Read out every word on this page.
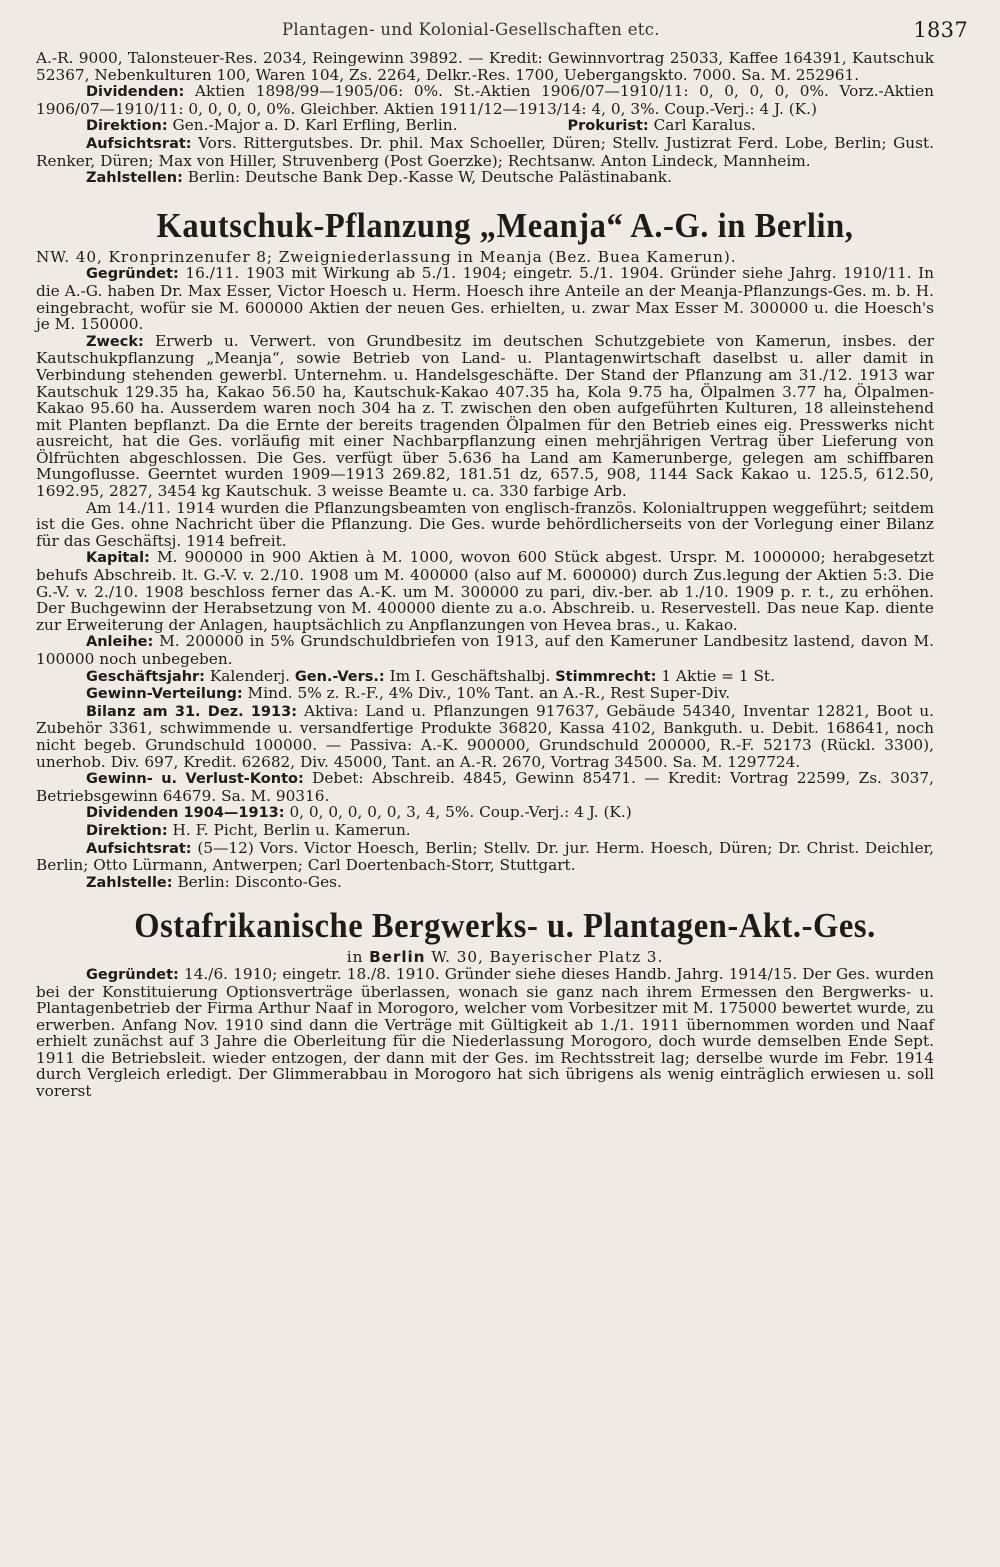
Plantagen- und Kolonial-Gesellschaften etc.	1837

A.-R. 9000, Talonsteuer-Res. 2034, Reingewinn 39892. — Kredit: Gewinnvortrag 25033, Kaffee 164391, Kautschuk 52367, Nebenkulturen 100, Waren 104, Zs. 2264, Delkr.-Res. 1700, Uebergangskto. 7000. Sa. M. 252961.

Dividenden: Aktien 1898/99—1905/06: 0%. St.-Aktien 1906/07—1910/11: 0, 0, 0, 0, 0%. Vorz.-Aktien 1906/07—1910/11: 0, 0, 0, 0, 0%. Gleichber. Aktien 1911/12—1913/14: 4, 0, 3%. Coup.-Verj.: 4 J. (K.)

Direktion: Gen.-Major a. D. Karl Erfling, Berlin.	Prokurist: Carl Karalus.

Aufsichtsrat: Vors. Rittergutsbes. Dr. phil. Max Schoeller, Düren; Stellv. Justizrat Ferd. Lobe, Berlin; Gust. Renker, Düren; Max von Hiller, Struvenberg (Post Goerzke); Rechtsanw. Anton Lindeck, Mannheim.

Zahlstellen: Berlin: Deutsche Bank Dep.-Kasse W, Deutsche Palästinabank.

Kautschuk-Pflanzung „Meanja“ A.-G. in Berlin,

NW. 40, Kronprinzenufer 8; Zweigniederlassung in Meanja (Bez. Buea Kamerun).

Gegründet: 16./11. 1903 mit Wirkung ab 5./1. 1904; eingetr. 5./1. 1904. Gründer siehe Jahrg. 1910/11. In die A.-G. haben Dr. Max Esser, Victor Hoesch u. Herm. Hoesch ihre Anteile an der Meanja-Pflanzungs-Ges. m. b. H. eingebracht, wofür sie M. 600000 Aktien der neuen Ges. erhielten, u. zwar Max Esser M. 300000 u. die Hoesch's je M. 150000.

Zweck: Erwerb u. Verwert. von Grundbesitz im deutschen Schutzgebiete von Kamerun, insbes. der Kautschukpflanzung „Meanja“, sowie Betrieb von Land- u. Plantagenwirtschaft daselbst u. aller damit in Verbindung stehenden gewerbl. Unternehm. u. Handelsgeschäfte. Der Stand der Pflanzung am 31./12. 1913 war Kautschuk 129.35 ha, Kakao 56.50 ha, Kautschuk-Kakao 407.35 ha, Kola 9.75 ha, Ölpalmen 3.77 ha, Ölpalmen-Kakao 95.60 ha. Ausserdem waren noch 304 ha z. T. zwischen den oben aufgeführten Kulturen, 18 alleinstehend mit Planten bepflanzt. Da die Ernte der bereits tragenden Ölpalmen für den Betrieb eines eig. Presswerks nicht ausreicht, hat die Ges. vorläufig mit einer Nachbarpflanzung einen mehrjährigen Vertrag über Lieferung von Ölfrüchten abgeschlossen. Die Ges. verfügt über 5.636 ha Land am Kamerunberge, gelegen am schiffbaren Mungoflusse. Geerntet wurden 1909—1913 269.82, 181.51 dz, 657.5, 908, 1144 Sack Kakao u. 125.5, 612.50, 1692.95, 2827, 3454 kg Kautschuk. 3 weisse Beamte u. ca. 330 farbige Arb.

Am 14./11. 1914 wurden die Pflanzungsbeamten von englisch-französ. Kolonialtruppen weggeführt; seitdem ist die Ges. ohne Nachricht über die Pflanzung. Die Ges. wurde behördlicherseits von der Vorlegung einer Bilanz für das Geschäftsj. 1914 befreit.

Kapital: M. 900000 in 900 Aktien à M. 1000, wovon 600 Stück abgest. Urspr. M. 1000000; herabgesetzt behufs Abschreib. lt. G.-V. v. 2./10. 1908 um M. 400000 (also auf M. 600000) durch Zus.legung der Aktien 5:3. Die G.-V. v. 2./10. 1908 beschloss ferner das A.-K. um M. 300000 zu pari, div.-ber. ab 1./10. 1909 p. r. t., zu erhöhen. Der Buchgewinn der Herabsetzung von M. 400000 diente zu a.o. Abschreib. u. Reservestell. Das neue Kap. diente zur Erweiterung der Anlagen, hauptsächlich zu Anpflanzungen von Hevea bras., u. Kakao.

Anleihe: M. 200000 in 5% Grundschuldbriefen von 1913, auf den Kameruner Landbesitz lastend, davon M. 100000 noch unbegeben.

Geschäftsjahr: Kalenderj. Gen.-Vers.: Im I. Geschäftshalbj. Stimmrecht: 1 Aktie = 1 St.

Gewinn-Verteilung: Mind. 5% z. R.-F., 4% Div., 10% Tant. an A.-R., Rest Super-Div.

Bilanz am 31. Dez. 1913: Aktiva: Land u. Pflanzungen 917637, Gebäude 54340, Inventar 12821, Boot u. Zubehör 3361, schwimmende u. versandfertige Produkte 36820, Kassa 4102, Bankguth. u. Debit. 168641, noch nicht begeb. Grundschuld 100000. — Passiva: A.-K. 900000, Grundschuld 200000, R.-F. 52173 (Rückl. 3300), unerhob. Div. 697, Kredit. 62682, Div. 45000, Tant. an A.-R. 2670, Vortrag 34500. Sa. M. 1297724.

Gewinn- u. Verlust-Konto: Debet: Abschreib. 4845, Gewinn 85471. — Kredit: Vortrag 22599, Zs. 3037, Betriebsgewinn 64679. Sa. M. 90316.

Dividenden 1904—1913: 0, 0, 0, 0, 0, 0, 3, 4, 5%. Coup.-Verj.: 4 J. (K.)

Direktion: H. F. Picht, Berlin u. Kamerun.

Aufsichtsrat: (5—12) Vors. Victor Hoesch, Berlin; Stellv. Dr. jur. Herm. Hoesch, Düren; Dr. Christ. Deichler, Berlin; Otto Lürmann, Antwerpen; Carl Doertenbach-Storr, Stuttgart.

Zahlstelle: Berlin: Disconto-Ges.

Ostafrikanische Bergwerks- u. Plantagen-Akt.-Ges.

in Berlin W. 30, Bayerischer Platz 3.

Gegründet: 14./6. 1910; eingetr. 18./8. 1910. Gründer siehe dieses Handb. Jahrg. 1914/15. Der Ges. wurden bei der Konstituierung Optionsverträge überlassen, wonach sie ganz nach ihrem Ermessen den Bergwerks- u. Plantagenbetrieb der Firma Arthur Naaf in Morogoro, welcher vom Vorbesitzer mit M. 175000 bewertet wurde, zu erwerben. Anfang Nov. 1910 sind dann die Verträge mit Gültigkeit ab 1./1. 1911 übernommen worden und Naaf erhielt zunächst auf 3 Jahre die Oberleitung für die Niederlassung Morogoro, doch wurde demselben Ende Sept. 1911 die Betriebsleit. wieder entzogen, der dann mit der Ges. im Rechtsstreit lag; derselbe wurde im Febr. 1914 durch Vergleich erledigt. Der Glimmerabbau in Morogoro hat sich übrigens als wenig einträglich erwiesen u. soll vorerst
